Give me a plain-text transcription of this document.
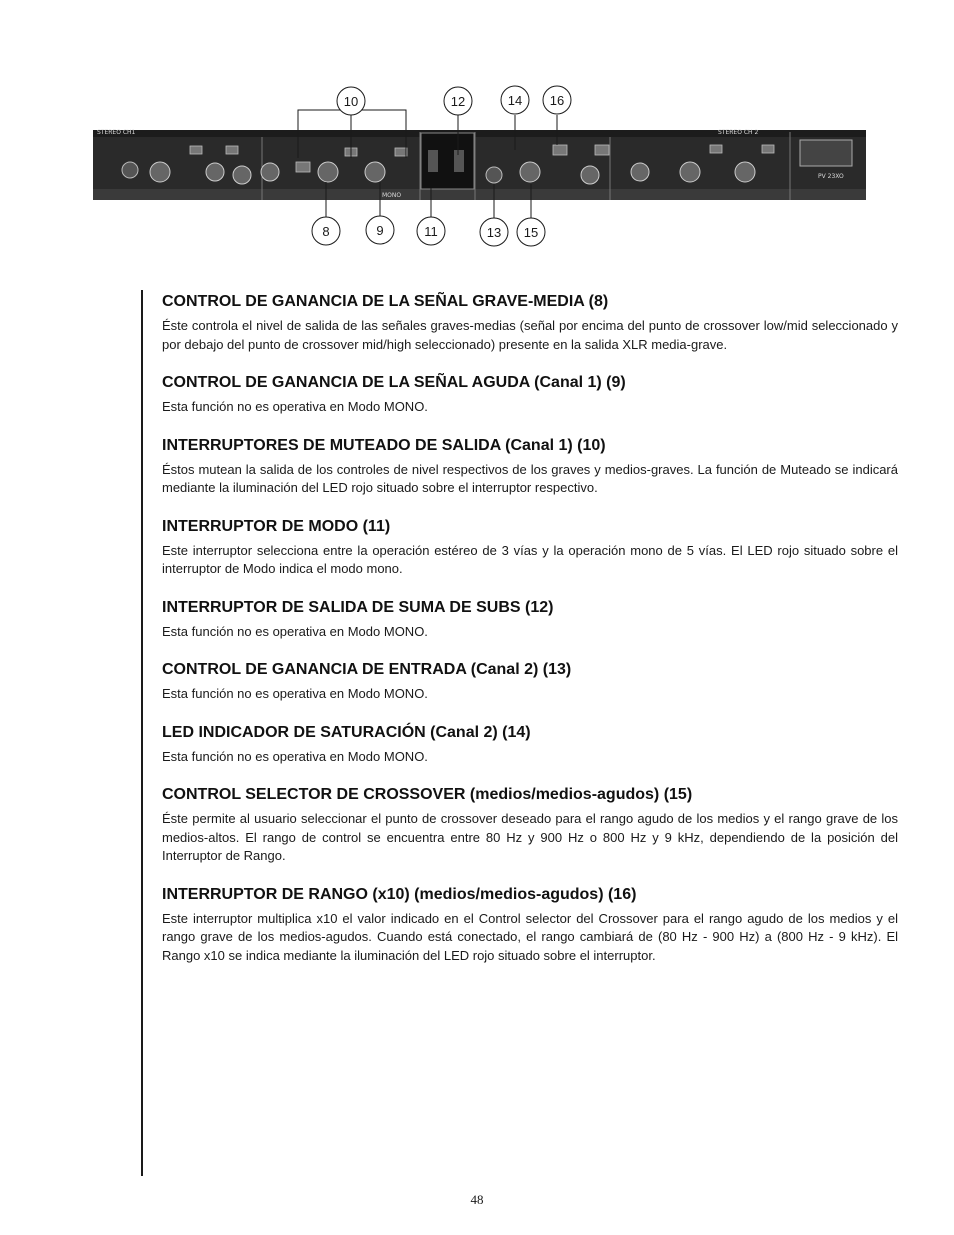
STEREO CH1	STEREO CH 2
MONO
PV 23XO
10	12	14 16
8	9	11	13 15
CONTROL DE GANANCIA DE LA SEÑAL GRAVE-MEDIA (8)

Éste controla el nivel de salida de las señales graves-medias (señal por encima del punto de crossover low/mid seleccionado y por debajo del punto de crossover mid/high seleccionado) presente en la salida XLR media-grave.

CONTROL DE GANANCIA DE LA SEÑAL AGUDA (Canal 1) (9)

Esta función no es operativa en Modo MONO.

INTERRUPTORES DE MUTEADO DE SALIDA (Canal 1) (10)

Éstos mutean la salida de los controles de nivel respectivos de los graves y medios-graves. La función de Muteado se indicará mediante la iluminación del LED rojo situado sobre el interruptor respectivo.

INTERRUPTOR DE MODO (11)

Este interruptor selecciona entre la operación estéreo de 3 vías y la operación mono de 5 vías. El LED rojo situado sobre el interruptor de Modo indica el modo mono.

INTERRUPTOR DE SALIDA DE SUMA DE SUBS (12)

Esta función no es operativa en Modo MONO.

CONTROL DE GANANCIA DE ENTRADA (Canal 2) (13)

Esta función no es operativa en Modo MONO.

LED INDICADOR DE SATURACIÓN (Canal 2) (14)

Esta función no es operativa en Modo MONO.

CONTROL SELECTOR DE CROSSOVER (medios/medios-agudos) (15)

Éste permite al usuario seleccionar el punto de crossover deseado para el rango agudo de los medios y el rango grave de los medios-altos. El rango de control se encuentra entre 80 Hz y 900 Hz o 800 Hz y 9 kHz, dependiendo de la posición del Interruptor de Rango.

INTERRUPTOR DE RANGO (x10) (medios/medios-agudos) (16)

Este interruptor multiplica x10 el valor indicado en el Control selector del Crossover para el rango agudo de los medios y el rango grave de los medios-agudos. Cuando está conectado, el rango cambiará de (80 Hz - 900 Hz) a (800 Hz - 9 kHz). El Rango x10 se indica mediante la iluminación del LED rojo situado sobre el interruptor.

48
